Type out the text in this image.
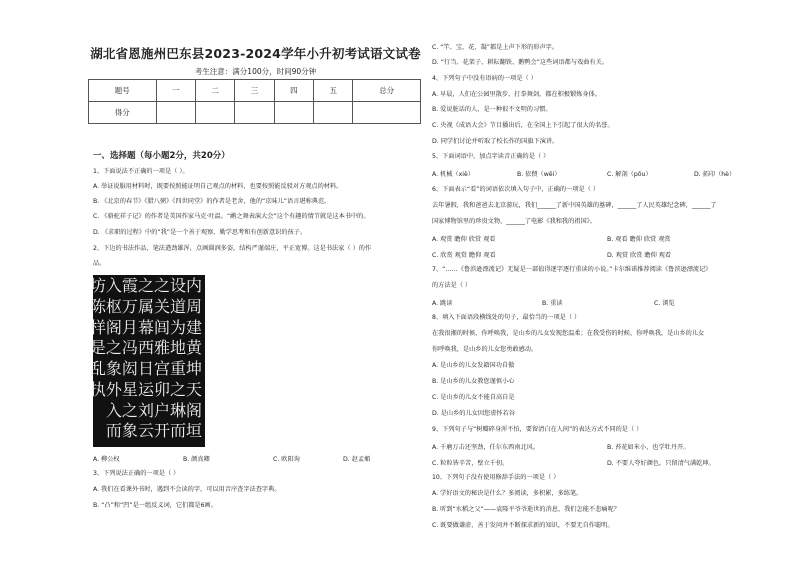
湖北省恩施州巴东县2023-2024学年小升初考试语文试卷
考生注意：满分100分，时间90分钟
题号	一	二	三	四	五	总分
得分						
一、选择题（每小题2分，共20分）
1、下面说法不正确的一项是（ ）。
A. 举证说服用材料时，既要按照能证明自己观点的材料，也要按照能反驳对方观点的材料。
B. 《北京的春节》《腊八粥》《四世同堂》的作者是老舍，他的“京味儿”语言堪称典范。
C. 《骆驼祥子记》的作者是美国作家马克·吐温。“鹬之舞表演大会”这个有趣的情节就是这本书中的。
D. 《求职的过程》中的“我”是一个善于观察、勤学思考和有创新意识的孩子。
2、下边的书法作品，笔法遒劲雄浑，点画圆润多姿，结构严谨端庄，平正宽博。这是书法家（ ）的作
品。
内
周
建
黄
坤
天
阁
垣
设
道
为
地
重
之
琳
而
之
关
闾
雅
宫
卯
户
开
之
属
幕
西
日
运
刘
云
霞
万
月
冯
闳
星
之
象
入
枢
阁
之
象
外
入
而
坊
陈
样
是
乱
执
A. 柳公权	B. 颜真卿	C. 欧阳询	D. 赵孟頫
3、下列说法正确的一项是（ ）
A. 我们在看课外书时，遇到不会读的字，可以用音序查字法查字典。
B. “凸”和“凹”是一组反义词，它们都是6画。
C. “竿、宝、花、凝”都是上声下形的形声字。
D. “行当、花架子、耕耘翻铁、鹅鸭会”这些词语都与戏曲有关。
4、下列句子中没有语病的一项是（ ）
A. 早晨，人们在公园里散步、打拳舞剑，都在积极锻炼身体。
B. 爱说脏话的人，是一种很不文明的习惯。
C. 央视《成语大会》节目播出后，在全国上下引起了很大的名誉。
D. 同学们讨论并听取了校长作的国旗下演讲。
5、下面词语中，加点字读音正确的是（ ）
A. 机械（xiè）	B. 依偎（wēi）	C. 解剖（pōu）	D. 拓印（hè）
6、下面表示“看”的词语依次填入句子中，正确的一项是（ ）
去年暑假，我和爸爸去北京游玩，我们______了新中国英雄的墓碑，______了人民英雄纪念碑，______了
国家博物馆里的珍贵文物，______了电影《我和我的祖国》。
A. 观赏 瞻仰 欣赏 观看	B. 观看 瞻仰 欣赏 观赏
C. 欣赏 观赏 瞻仰 观看	D. 观赏 欣赏 瞻仰 观看
7、“……《鲁滨逊漂流记》无疑是一部值得逐字逐行重读的小说。”卡尔维诺推荐阅读《鲁滨逊漂流记》
的方法是（ ）
A. 跳读	B. 重读	C. 浏览
8、填入下面语段横线处的句子，最恰当的一项是（ ）
在我很湘的时候，你呼唤我，是山乡的儿女发现您温柔；在我受伤的时候，你呼唤我，是山乡的儿女
你呼唤我，是山乡的儿女您勇敢感动。
A. 是山乡的儿女发籍国功自傲
B. 是山乡的儿女教您谨慎小心
C. 是山乡的儿女不能自高自是
D. 是山乡的儿女因您虚怀若谷
9、下列句子与“树瓣碎身浑不怕，要留清白在人间”的表达方式不同的是（ ）
A. 千磨万击还坚劲，任尔东西南北风。	B. 苔花如米小，也学牡丹开。
C. 粒粒皆辛苦，壁立千仞。	D. 不要人夸好颜色，只留清气满乾坤。
10、下列句子没有使用修辞手法的一项是（ ）
A. 学好语文的秘诀是什么？多阅读，多积累，多练笔。
B. 听到“水稻之父”——袁隆平爷爷逝世的消息，我们怎能不悲痛呢？
C. 既要做谦虚、善于发问并不断探求新的知识，不要无自作聪明。
